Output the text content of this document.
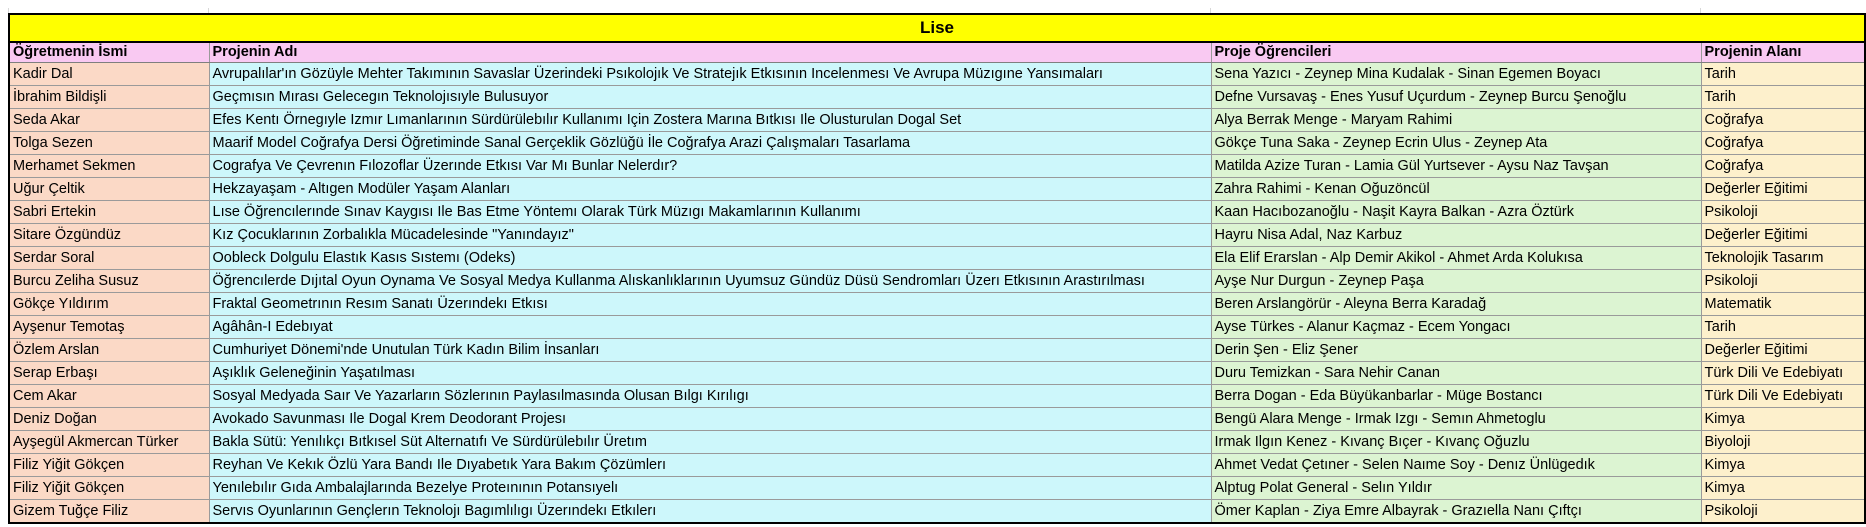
Lise			
Öğretmenin İsmi	Projenin Adı	Proje Öğrencileri	Projenin Alanı
Kadir Dal	Avrupalılar'ın Gözüyle Mehter Takımının Savaslar Üzerindeki Psıkolojık Ve Stratejık Etkısının Incelenmesı Ve Avrupa Müzıgıne Yansımaları	Sena Yazıcı - Zeynep Mina Kudalak - Sinan Egemen Boyacı	Tarih
İbrahim Bildişli	Geçmısın Mırası Gelecegın Teknolojısıyle Bulusuyor	Defne Vursavaş - Enes Yusuf Uçurdum - Zeynep Burcu Şenoğlu	Tarih
Seda Akar	Efes Kentı Örnegıyle Izmır Lımanlarının Sürdürülebılır Kullanımı Için Zostera Marına Bıtkısı Ile Olusturulan Dogal Set	Alya Berrak Menge - Maryam Rahimi	Coğrafya
Tolga Sezen	Maarif Model Coğrafya Dersi Öğretiminde Sanal Gerçeklik Gözlüğü İle Coğrafya Arazi Çalışmaları Tasarlama	Gökçe Tuna Saka - Zeynep Ecrin Ulus - Zeynep Ata	Coğrafya
Merhamet Sekmen	Cografya Ve Çevrenın Fılozoflar Üzerınde Etkısı Var Mı Bunlar Nelerdır?	Matilda Azize Turan - Lamia Gül Yurtsever - Aysu Naz Tavşan	Coğrafya
Uğur Çeltik	Hekzayaşam - Altıgen Modüler Yaşam Alanları	Zahra Rahimi - Kenan Oğuzöncül	Değerler Eğitimi
Sabri Ertekin	Lıse Öğrencılerınde Sınav Kaygısı Ile Bas Etme Yöntemı Olarak Türk Müzıgı Makamlarının Kullanımı	Kaan Hacıbozanoğlu - Naşit Kayra Balkan - Azra Öztürk	Psikoloji
Sitare Özgündüz	Kız Çocuklarının Zorbalıkla Mücadelesinde "Yanındayız"	Hayru Nisa Adal, Naz Karbuz	Değerler Eğitimi
Serdar Soral	Oobleck Dolgulu Elastık Kasıs Sıstemı (Odeks)	Ela Elif Erarslan - Alp Demir Akikol - Ahmet Arda Kolukısa	Teknolojik Tasarım
Burcu Zeliha Susuz	Öğrencılerde Dıjıtal Oyun Oynama Ve Sosyal Medya Kullanma Alıskanlıklarının Uyumsuz Gündüz Düsü Sendromları Üzerı Etkısının Arastırılması	Ayşe Nur Durgun - Zeynep Paşa	Psikoloji
Gökçe Yıldırım	Fraktal Geometrının Resım Sanatı Üzerındekı Etkısı	Beren Arslangörür - Aleyna Berra Karadağ	Matematik
Ayşenur Temotaş	Agâhân-I Edebıyat	Ayse Türkes - Alanur Kaçmaz - Ecem Yongacı	Tarih
Özlem Arslan	Cumhuriyet Dönemi'nde Unutulan Türk Kadın Bilim İnsanları	Derin Şen - Eliz Şener	Değerler Eğitimi
Serap Erbaşı	Aşıklık Geleneğinin Yaşatılması	Duru Temizkan - Sara Nehir Canan	Türk Dili Ve Edebiyatı
Cem Akar	Sosyal Medyada Saır Ve Yazarların Sözlerının Paylasılmasında Olusan Bılgı Kırılıgı	Berra Dogan - Eda Büyükanbarlar - Müge Bostancı	Türk Dili Ve Edebiyatı
Deniz Doğan	Avokado Savunması Ile Dogal Krem Deodorant Projesı	Bengü Alara Menge - Irmak Izgı - Semın Ahmetoglu	Kimya
Ayşegül Akmercan Türker	Bakla Sütü: Yenılıkçı Bıtkısel Süt Alternatıfı Ve Sürdürülebılır Üretım	Irmak Ilgın Kenez - Kıvanç Bıçer - Kıvanç Oğuzlu	Biyoloji
Filiz Yiğit Gökçen	Reyhan Ve Kekık Özlü Yara Bandı Ile Dıyabetık Yara Bakım Çözümlerı	Ahmet Vedat Çetıner - Selen Naıme Soy - Denız Ünlügedık	Kimya
Filiz Yiğit Gökçen	Yenılebılır Gıda Ambalajlarında Bezelye Proteınının Potansıyelı	Alptug Polat General - Selın Yıldır	Kimya
Gizem Tuğçe Filiz	Servıs Oyunlarının Gençlerın Teknolojı Bagımlılıgı Üzerındekı Etkılerı	Ömer Kaplan - Ziya Emre Albayrak - Grazıella Nanı Çıftçı	Psikoloji
